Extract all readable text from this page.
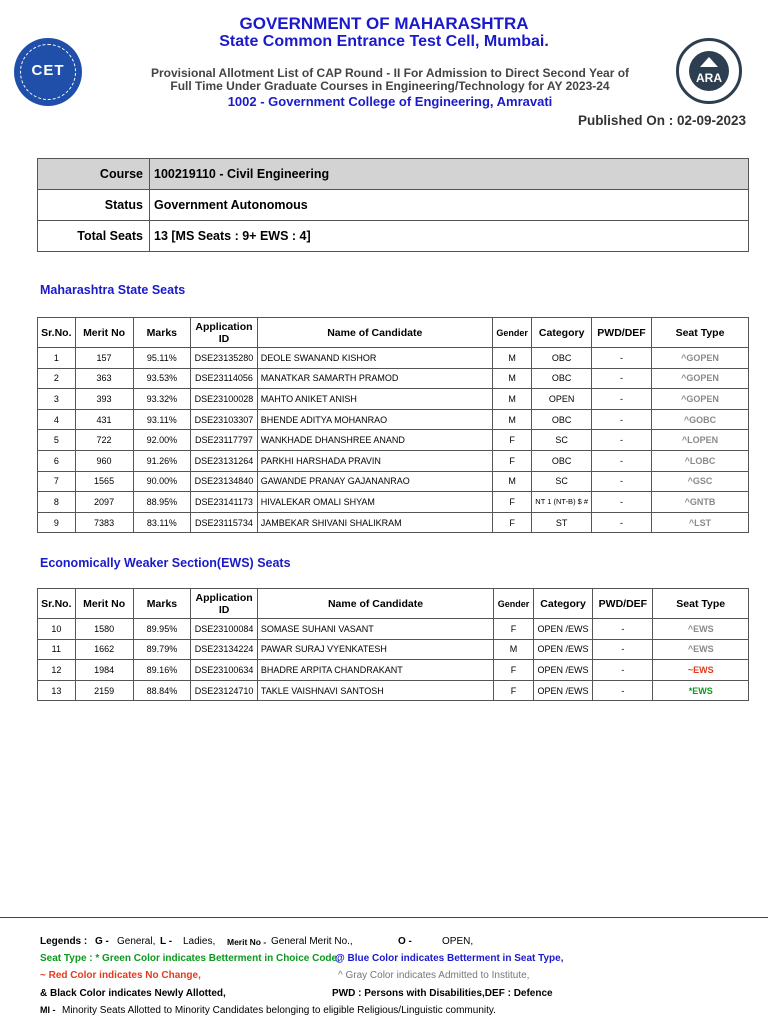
CET	ARA
GOVERNMENT OF MAHARASHTRA
State Common Entrance Test Cell, Mumbai.
Provisional Allotment List of CAP Round - II For Admission to Direct Second Year of
Full Time Under Graduate Courses in Engineering/Technology for AY 2023-24
1002 - Government College of Engineering, Amravati
Published On : 02-09-2023
Course	100219110 - Civil Engineering
Status	Government Autonomous
Total Seats	13 [MS Seats : 9+ EWS : 4]
Maharashtra State Seats
Sr.No.	Merit No	Marks	Application ID	Name of Candidate	Gender	Category	PWD/DEF	Seat Type
1	157	95.11%	DSE23135280	DEOLE SWANAND KISHOR	M	OBC	-	^GOPEN
2	363	93.53%	DSE23114056	MANATKAR SAMARTH PRAMOD	M	OBC	-	^GOPEN
3	393	93.32%	DSE23100028	MAHTO ANIKET ANISH	M	OPEN	-	^GOPEN
4	431	93.11%	DSE23103307	BHENDE ADITYA MOHANRAO	M	OBC	-	^GOBC
5	722	92.00%	DSE23117797	WANKHADE DHANSHREE ANAND	F	SC	-	^LOPEN
6	960	91.26%	DSE23131264	PARKHI HARSHADA PRAVIN	F	OBC	-	^LOBC
7	1565	90.00%	DSE23134840	GAWANDE PRANAY GAJANANRAO	M	SC	-	^GSC
8	2097	88.95%	DSE23141173	HIVALEKAR OMALI SHYAM	F	NT 1 (NT-B) $ #	-	^GNTB
9	7383	83.11%	DSE23115734	JAMBEKAR SHIVANI SHALIKRAM	F	ST	-	^LST
Economically Weaker Section(EWS) Seats
Sr.No.	Merit No	Marks	Application ID	Name of Candidate	Gender	Category	PWD/DEF	Seat Type
10	1580	89.95%	DSE23100084	SOMASE SUHANI VASANT	F	OPEN /EWS	-	^EWS
11	1662	89.79%	DSE23134224	PAWAR SURAJ VYENKATESH	M	OPEN /EWS	-	^EWS
12	1984	89.16%	DSE23100634	BHADRE ARPITA CHANDRAKANT	F	OPEN /EWS	-	~EWS
13	2159	88.84%	DSE23124710	TAKLE VAISHNAVI SANTOSH	F	OPEN /EWS	-	*EWS
Legends : G - General, L - Ladies, Merit No - General Merit No.,	O -	OPEN,
Seat Type : * Green Color indicates Betterment in Choice Code,
@ Blue Color indicates Betterment in Seat Type,
~ Red Color indicates No Change,	^ Gray Color indicates Admitted to Institute,
& Black Color indicates Newly Allotted,	PWD : Persons with Disabilities,DEF : Defence
MI - Minority Seats Allotted to Minority Candidates belonging to eligible Religious/Linguistic community.
